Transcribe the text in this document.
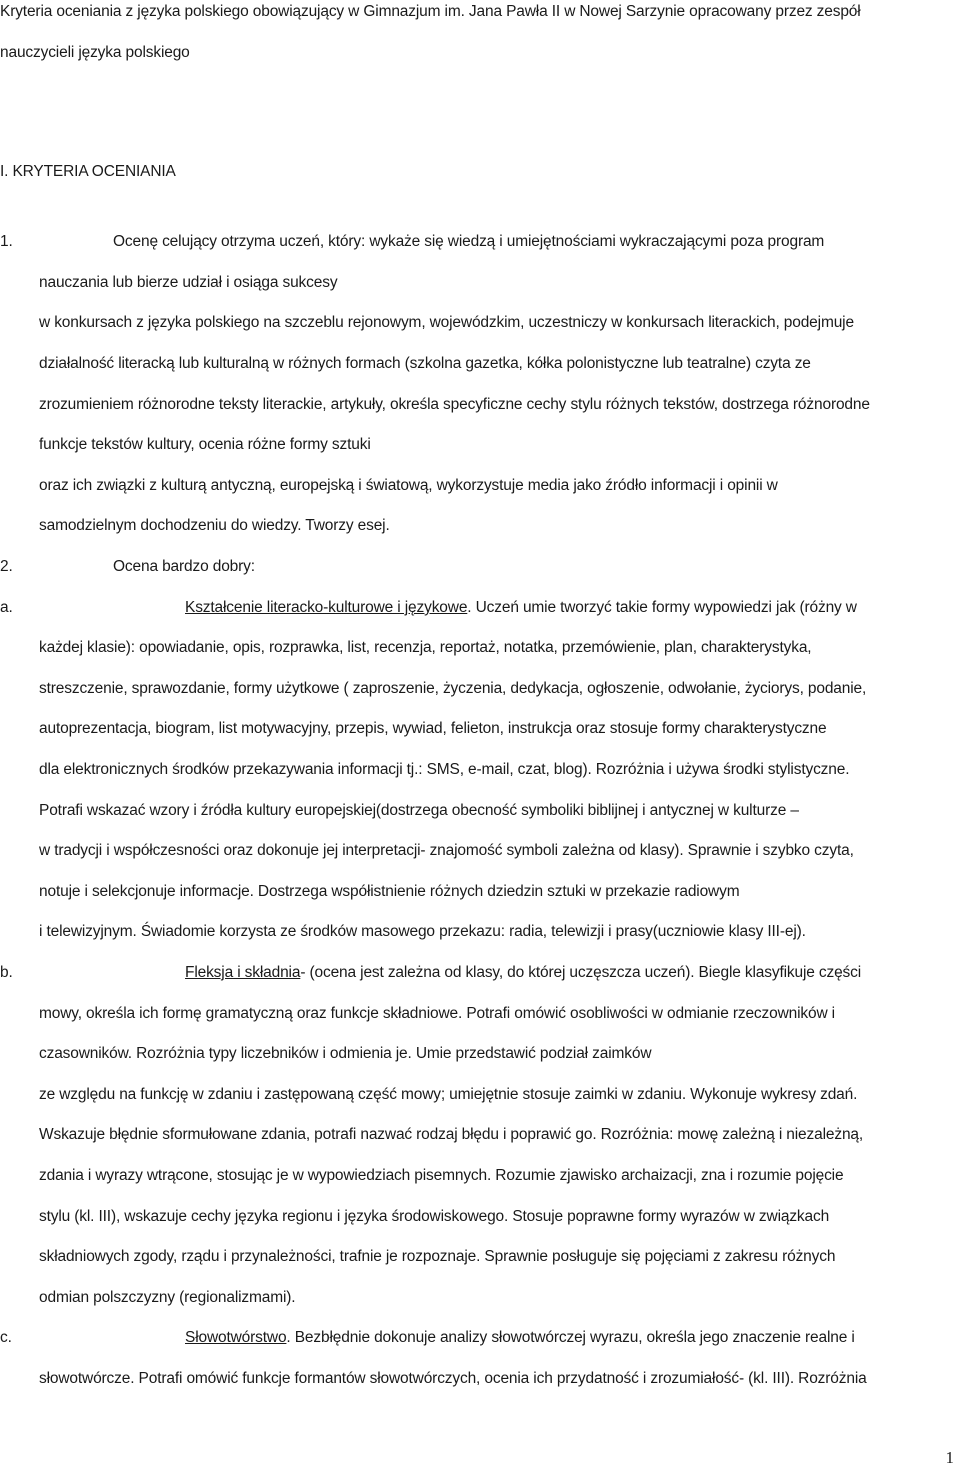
Kryteria oceniania z języka polskiego obowiązujący w Gimnazjum im. Jana Pawła II w Nowej Sarzynie opracowany przez zespół
nauczycieli języka polskiego
I. KRYTERIA OCENIANIA
1.	Ocenę celujący otrzyma uczeń, który: wykaże się wiedzą i umiejętnościami wykraczającymi poza program
nauczania lub bierze udział i osiąga sukcesy
w konkursach z języka polskiego na szczeblu rejonowym, wojewódzkim, uczestniczy w konkursach literackich, podejmuje
działalność literacką lub kulturalną w różnych formach (szkolna gazetka, kółka polonistyczne lub teatralne) czyta ze
zrozumieniem różnorodne teksty literackie, artykuły, określa specyficzne cechy stylu różnych tekstów, dostrzega różnorodne
funkcje tekstów kultury, ocenia różne formy sztuki
oraz ich związki z kulturą antyczną, europejską i światową, wykorzystuje media jako źródło informacji i opinii w
samodzielnym dochodzeniu do wiedzy. Tworzy esej.
2.	Ocena bardzo dobry:
a.	Kształcenie literacko-kulturowe i językowe. Uczeń umie tworzyć takie formy wypowiedzi jak (różny w
każdej klasie): opowiadanie, opis, rozprawka, list, recenzja, reportaż, notatka, przemówienie, plan, charakterystyka,
streszczenie, sprawozdanie, formy użytkowe ( zaproszenie, życzenia, dedykacja, ogłoszenie, odwołanie, życiorys, podanie,
autoprezentacja, biogram, list motywacyjny, przepis, wywiad, felieton, instrukcja oraz stosuje formy charakterystyczne
dla elektronicznych środków przekazywania informacji tj.: SMS, e-mail, czat, blog). Rozróżnia i używa środki stylistyczne.
Potrafi wskazać wzory i źródła kultury europejskiej(dostrzega obecność symboliki biblijnej i antycznej w kulturze –
w tradycji i współczesności oraz dokonuje jej interpretacji- znajomość symboli zależna od klasy). Sprawnie i szybko czyta,
notuje i selekcjonuje informacje. Dostrzega współistnienie różnych dziedzin sztuki w przekazie radiowym
i telewizyjnym. Świadomie korzysta ze środków masowego przekazu: radia, telewizji i prasy(uczniowie klasy III-ej).
b.	Fleksja i składnia- (ocena jest zależna od klasy, do której uczęszcza uczeń). Biegle klasyfikuje części
mowy, określa ich formę gramatyczną oraz funkcje składniowe. Potrafi omówić osobliwości w odmianie rzeczowników i
czasowników. Rozróżnia typy liczebników i odmienia je. Umie przedstawić podział zaimków
ze względu na funkcję w zdaniu i zastępowaną część mowy; umiejętnie stosuje zaimki w zdaniu. Wykonuje wykresy zdań.
Wskazuje błędnie sformułowane zdania, potrafi nazwać rodzaj błędu i poprawić go. Rozróżnia: mowę zależną i niezależną,
zdania i wyrazy wtrącone, stosując je w wypowiedziach pisemnych. Rozumie zjawisko archaizacji, zna i rozumie pojęcie
stylu (kl. III), wskazuje cechy języka regionu i języka środowiskowego. Stosuje poprawne formy wyrazów w związkach
składniowych zgody, rządu i przynależności, trafnie je rozpoznaje. Sprawnie posługuje się pojęciami z zakresu różnych
odmian polszczyzny (regionalizmami).
c.	Słowotwórstwo. Bezbłędnie dokonuje analizy słowotwórczej wyrazu, określa jego znaczenie realne i
słowotwórcze. Potrafi omówić funkcje formantów słowotwórczych, ocenia ich przydatność i zrozumiałość- (kl. III). Rozróżnia
1
